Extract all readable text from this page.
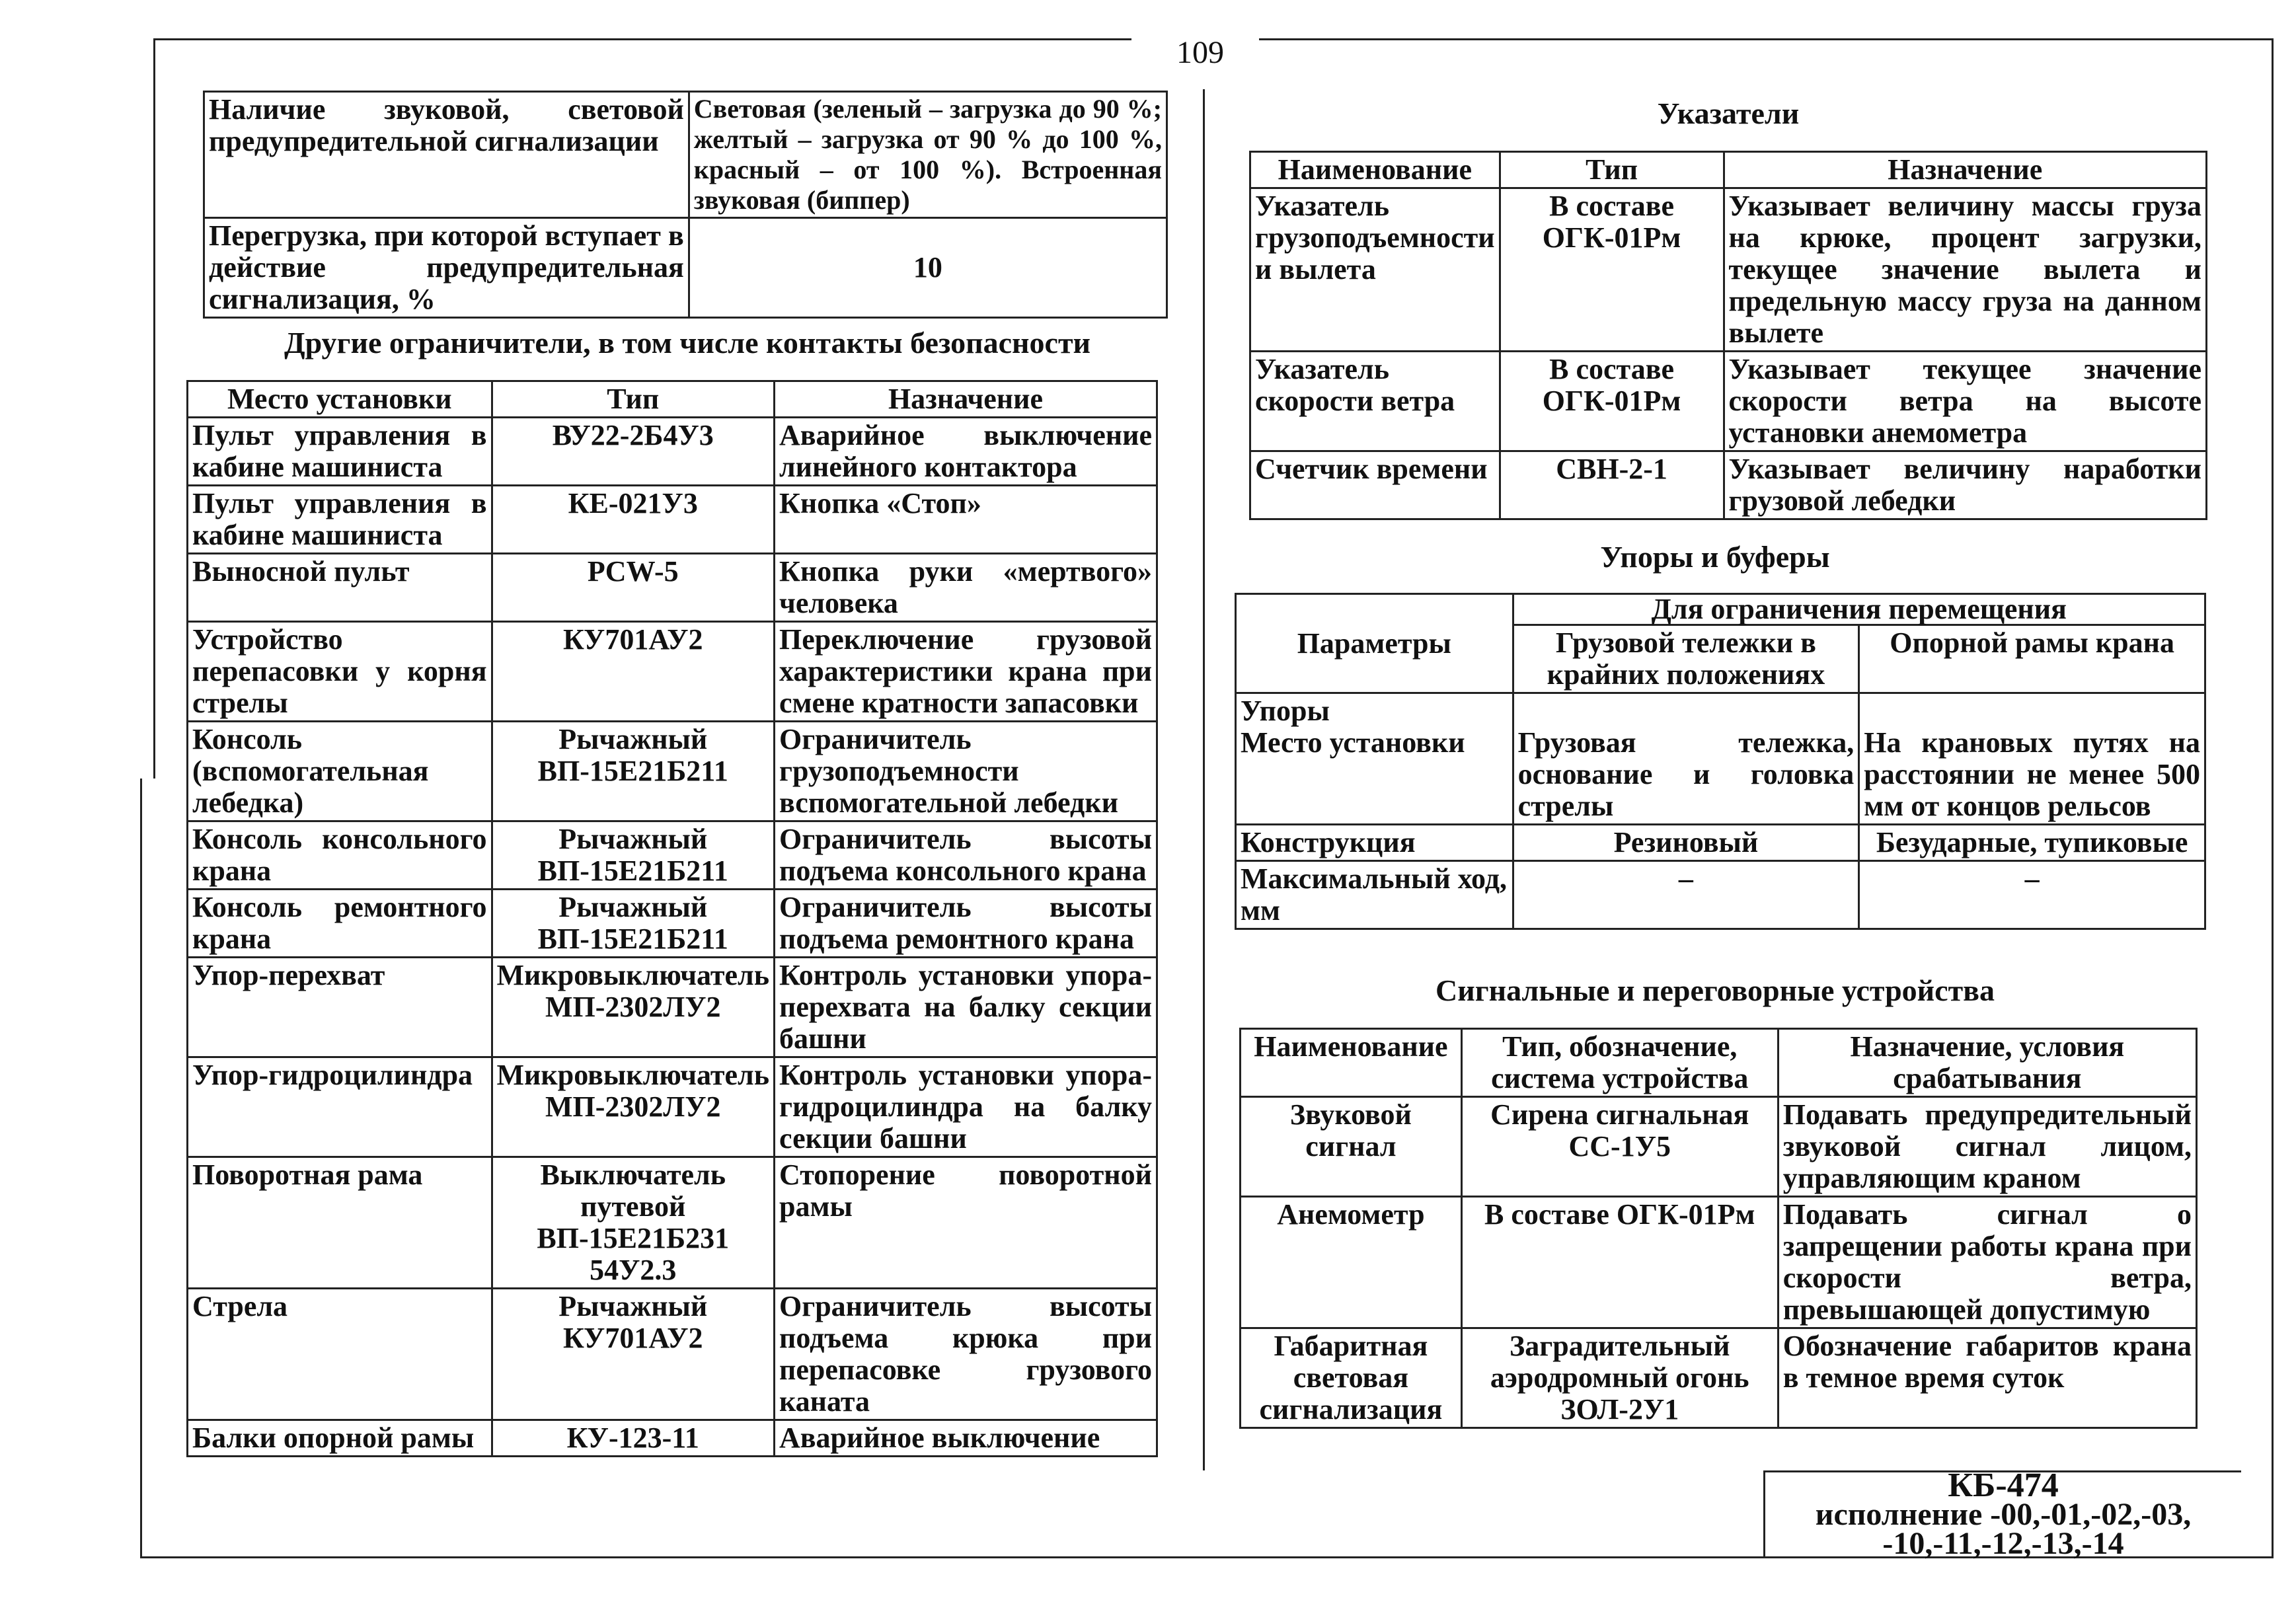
109
Наличие звуковой, световой предупредительной сигнализации	Световая (зеленый – загрузка до 90 %; желтый – загрузка от 90 % до 100 %, красный – от 100 %). Встроенная звуковая (биппер)
Перегрузка, при которой вступает в действие предупредительная сигнализация, %	10
Другие ограничители, в том числе контакты безопасности
Место установки	Тип	Назначение
Пульт управления в кабине машиниста	ВУ22-2Б4У3	Аварийное выключение линейного контактора
Пульт управления в кабине машиниста	КЕ-021У3	Кнопка «Стоп»
Выносной пульт	PCW-5	Кнопка руки «мертвого» человека
Устройство перепасовки у корня стрелы	КУ701АУ2	Переключение грузовой характеристики крана при смене кратности запасовки
Консоль (вспомогательная лебедка)	Рычажный ВП-15Е21Б211	Ограничитель грузоподъемности вспомогательной лебедки
Консоль консольного крана	Рычажный ВП-15Е21Б211	Ограничитель высоты подъема консольного крана
Консоль ремонтного крана	Рычажный ВП-15Е21Б211	Ограничитель высоты подъема ремонтного крана
Упор-перехват	Микровыключатель МП-2302ЛУ2	Контроль установки упора-перехвата на балку секции башни
Упор-гидроцилиндра	Микровыключатель МП-2302ЛУ2	Контроль установки упора-гидроцилиндра на балку секции башни
Поворотная рама	Выключатель путевой ВП-15Е21Б231 54У2.3	Стопорение поворотной рамы
Стрела	Рычажный КУ701АУ2	Ограничитель высоты подъема крюка при перепасовке грузового каната
Балки опорной рамы	КУ-123-11	Аварийное выключение
Указатели
Наименование	Тип	Назначение
Указатель грузоподъемности и вылета	В составе ОГК-01Рм	Указывает величину массы груза на крюке, процент загрузки, текущее значение вылета и предельную массу груза на данном вылете
Указатель скорости ветра	В составе ОГК-01Рм	Указывает текущее значение скорости ветра на высоте установки анемометра
Счетчик времени	СВН-2-1	Указывает величину наработки грузовой лебедки
Упоры и буферы
Параметры	Для ограничения перемещения	
	Грузовой тележки в крайних положениях	Опорной рамы крана
Упоры
Место установки	Грузовая тележка, основание и головка стрелы	На крановых путях на расстоянии не менее 500 мм от концов рельсов
Конструкция	Резиновый	Безударные, тупиковые
Максимальный ход, мм	–	–
Сигнальные и переговорные устройства
Наименование	Тип, обозначение, система устройства	Назначение, условия срабатывания
Звуковой сигнал	Сирена сигнальная СС-1У5	Подавать предупредительный звуковой сигнал лицом, управляющим краном
Анемометр	В составе ОГК-01Рм	Подавать сигнал о запрещении работы крана при скорости ветра, превышающей допустимую
Габаритная световая сигнализация	Заградительный аэродромный огонь ЗОЛ-2У1	Обозначение габаритов крана в темное время суток
КБ-474
исполнение -00,-01,-02,-03,
-10,-11,-12,-13,-14
